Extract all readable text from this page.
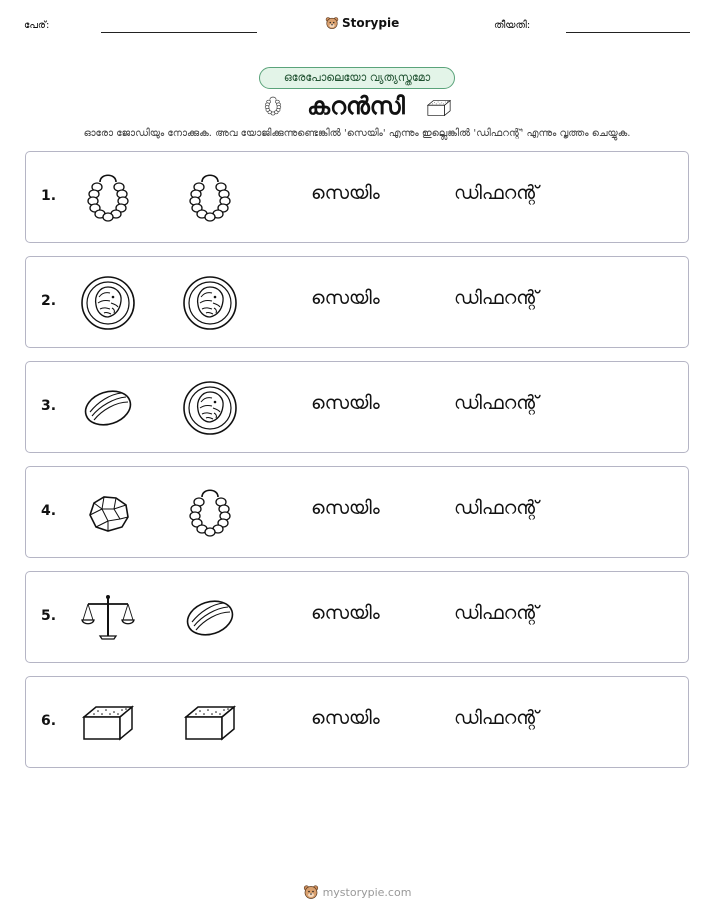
പേര്:	Storypie	തീയതി:
ഒരേപോലെയോ വ്യത്യസ്തമോ
കറൻസി
ഓരോ ജോഡിയും നോക്കുക. അവ യോജിക്കുന്നുണ്ടെങ്കിൽ 'സെയിം' എന്നും ഇല്ലെങ്കിൽ 'ഡിഫറന്റ്' എന്നും വൃത്തം ചെയ്യുക.
1.	സെയിം	ഡിഫറന്റ്
2.	സെയിം	ഡിഫറന്റ്
3.	സെയിം	ഡിഫറന്റ്
4.	സെയിം	ഡിഫറന്റ്
5.	സെയിം	ഡിഫറന്റ്
6.	സെയിം	ഡിഫറന്റ്
mystorypie.com
